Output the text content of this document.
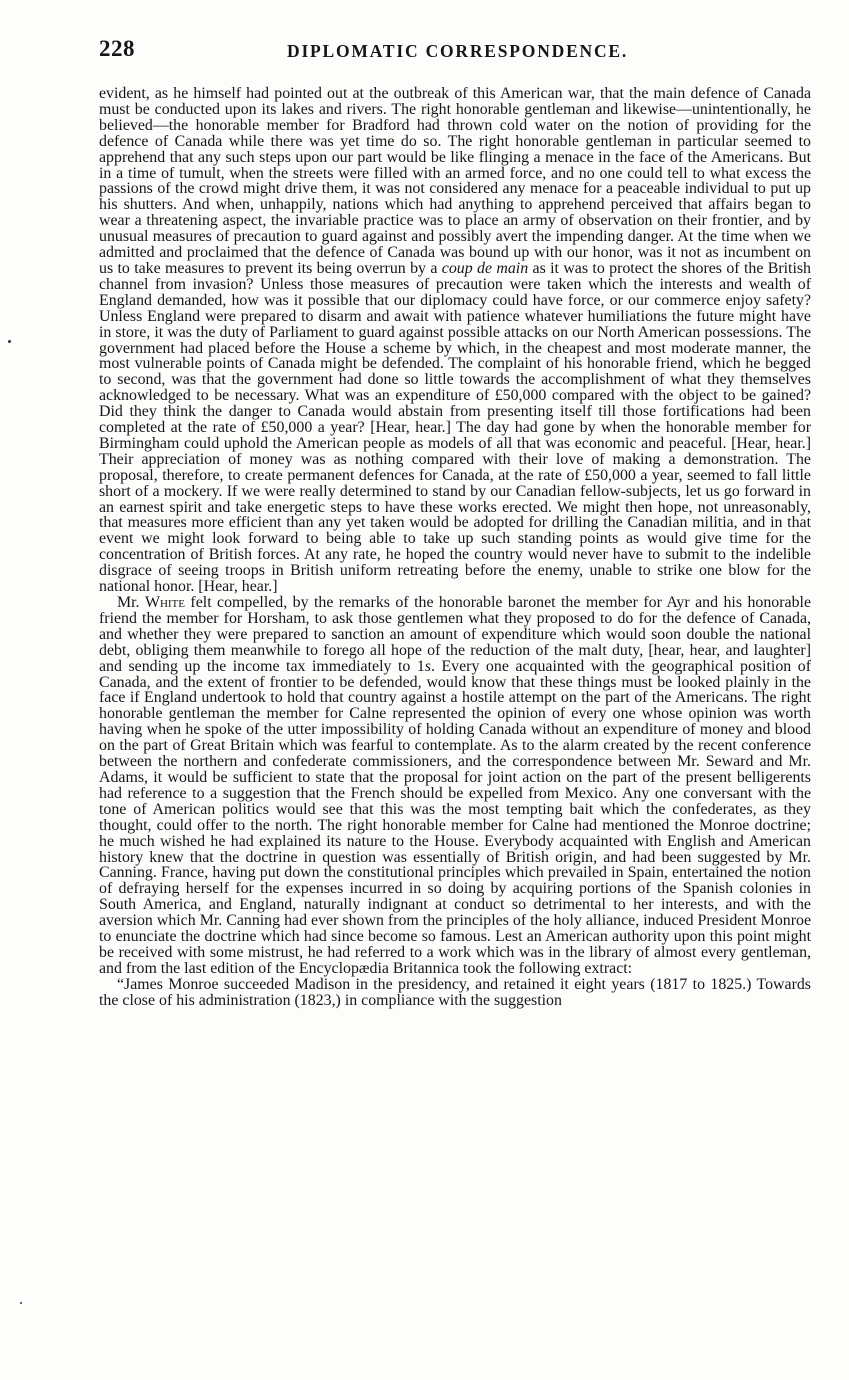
228	DIPLOMATIC CORRESPONDENCE.

evident, as he himself had pointed out at the outbreak of this American war, that the main defence of Canada must be conducted upon its lakes and rivers. The right honorable gentleman and likewise—unintentionally, he believed—the honorable member for Bradford had thrown cold water on the notion of providing for the defence of Canada while there was yet time do so. The right honorable gentleman in particular seemed to apprehend that any such steps upon our part would be like flinging a menace in the face of the Americans. But in a time of tumult, when the streets were filled with an armed force, and no one could tell to what excess the passions of the crowd might drive them, it was not considered any menace for a peaceable individual to put up his shutters. And when, unhappily, nations which had anything to apprehend perceived that affairs began to wear a threatening aspect, the invariable practice was to place an army of observation on their frontier, and by unusual measures of precaution to guard against and possibly avert the impending danger. At the time when we admitted and proclaimed that the defence of Canada was bound up with our honor, was it not as incumbent on us to take measures to prevent its being overrun by a coup de main as it was to protect the shores of the British channel from invasion? Unless those measures of precaution were taken which the interests and wealth of England demanded, how was it possible that our diplomacy could have force, or our commerce enjoy safety? Unless England were prepared to disarm and await with patience whatever humiliations the future might have in store, it was the duty of Parliament to guard against possible attacks on our North American possessions. The government had placed before the House a scheme by which, in the cheapest and most moderate manner, the most vulnerable points of Canada might be defended. The complaint of his honorable friend, which he begged to second, was that the government had done so little towards the accomplishment of what they themselves acknowledged to be necessary. What was an expenditure of £50,000 compared with the object to be gained? Did they think the danger to Canada would abstain from presenting itself till those fortifications had been completed at the rate of £50,000 a year? [Hear, hear.] The day had gone by when the honorable member for Birmingham could uphold the American people as models of all that was economic and peaceful. [Hear, hear.] Their appreciation of money was as nothing compared with their love of making a demonstration. The proposal, therefore, to create permanent defences for Canada, at the rate of £50,000 a year, seemed to fall little short of a mockery. If we were really determined to stand by our Canadian fellow-subjects, let us go forward in an earnest spirit and take energetic steps to have these works erected. We might then hope, not unreasonably, that measures more efficient than any yet taken would be adopted for drilling the Canadian militia, and in that event we might look forward to being able to take up such standing points as would give time for the concentration of British forces. At any rate, he hoped the country would never have to submit to the indelible disgrace of seeing troops in British uniform retreating before the enemy, unable to strike one blow for the national honor. [Hear, hear.]

Mr. White felt compelled, by the remarks of the honorable baronet the member for Ayr and his honorable friend the member for Horsham, to ask those gentlemen what they proposed to do for the defence of Canada, and whether they were prepared to sanction an amount of expenditure which would soon double the national debt, obliging them meanwhile to forego all hope of the reduction of the malt duty, [hear, hear, and laughter] and sending up the income tax immediately to 1s. Every one acquainted with the geographical position of Canada, and the extent of frontier to be defended, would know that these things must be looked plainly in the face if England undertook to hold that country against a hostile attempt on the part of the Americans. The right honorable gentleman the member for Calne represented the opinion of every one whose opinion was worth having when he spoke of the utter impossibility of holding Canada without an expenditure of money and blood on the part of Great Britain which was fearful to contemplate. As to the alarm created by the recent conference between the northern and confederate commissioners, and the correspondence between Mr. Seward and Mr. Adams, it would be sufficient to state that the proposal for joint action on the part of the present belligerents had reference to a suggestion that the French should be expelled from Mexico. Any one conversant with the tone of American politics would see that this was the most tempting bait which the confederates, as they thought, could offer to the north. The right honorable member for Calne had mentioned the Monroe doctrine; he much wished he had explained its nature to the House. Everybody acquainted with English and American history knew that the doctrine in question was essentially of British origin, and had been suggested by Mr. Canning. France, having put down the constitutional principles which prevailed in Spain, entertained the notion of defraying herself for the expenses incurred in so doing by acquiring portions of the Spanish colonies in South America, and England, naturally indignant at conduct so detrimental to her interests, and with the aversion which Mr. Canning had ever shown from the principles of the holy alliance, induced President Monroe to enunciate the doctrine which had since become so famous. Lest an American authority upon this point might be received with some mistrust, he had referred to a work which was in the library of almost every gentleman, and from the last edition of the Encyclopædia Britannica took the following extract:

“James Monroe succeeded Madison in the presidency, and retained it eight years (1817 to 1825.) Towards the close of his administration (1823,) in compliance with the suggestion
